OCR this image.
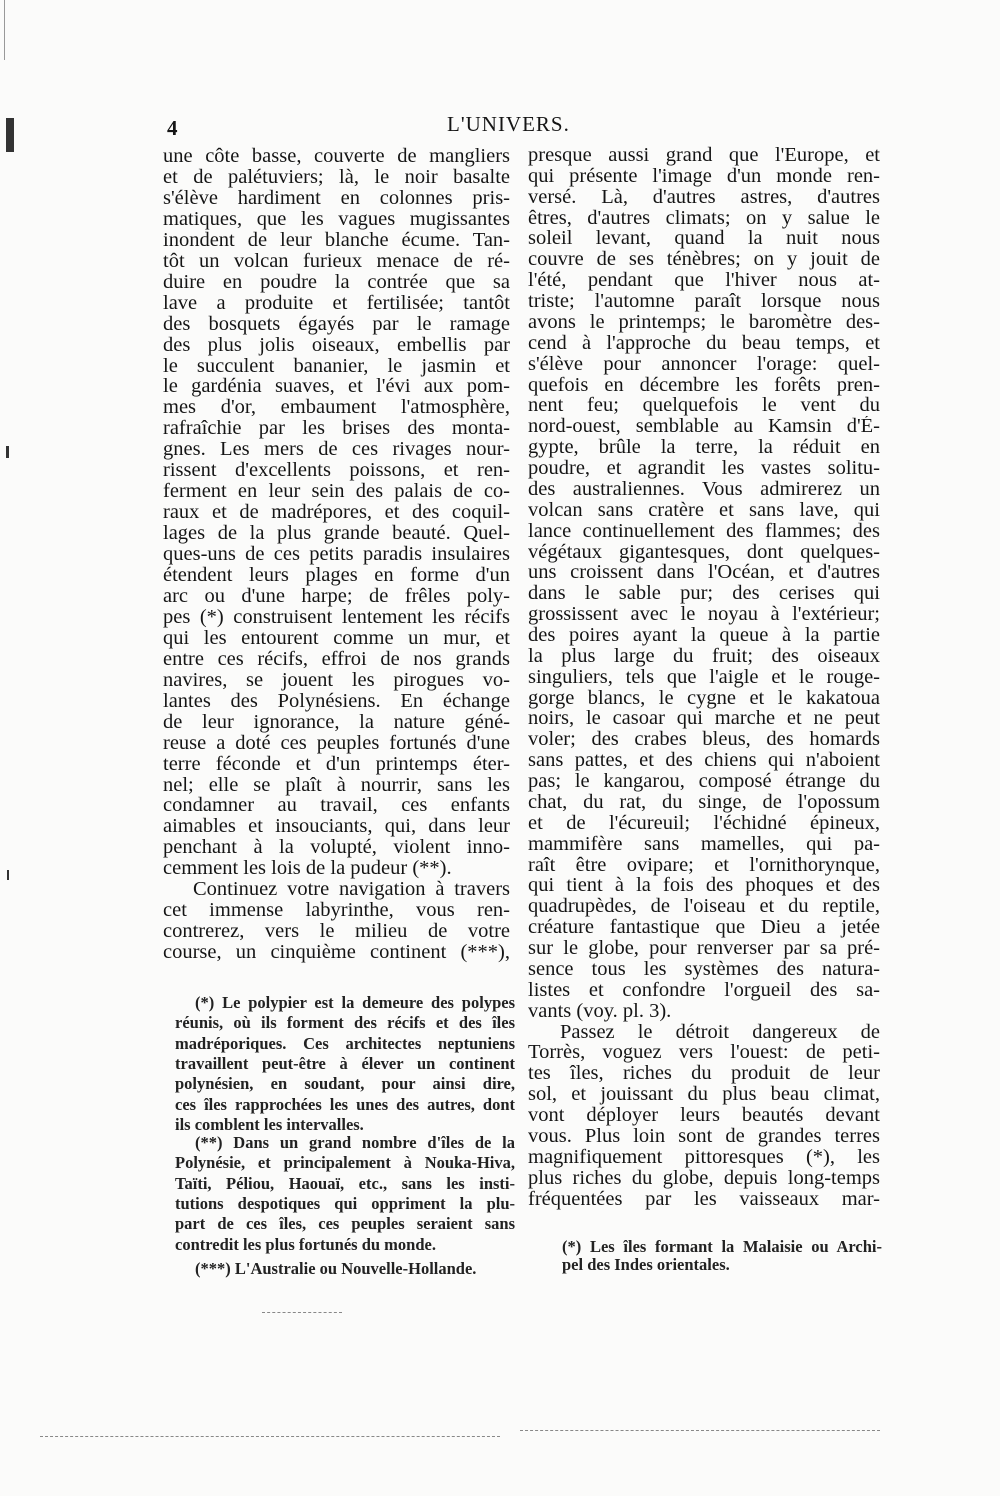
4	L'UNIVERS.
une côte basse, couverte de mangliers
et de palétuviers; là, le noir basalte
s'élève hardiment en colonnes pris-
matiques, que les vagues mugissantes
inondent de leur blanche écume. Tan-
tôt un volcan furieux menace de ré-
duire en poudre la contrée que sa
lave a produite et fertilisée; tantôt
des bosquets égayés par le ramage
des plus jolis oiseaux, embellis par
le succulent bananier, le jasmin et
le gardénia suaves, et l'évi aux pom-
mes d'or, embaument l'atmosphère,
rafraîchie par les brises des monta-
gnes. Les mers de ces rivages nour-
rissent d'excellents poissons, et ren-
ferment en leur sein des palais de co-
raux et de madrépores, et des coquil-
lages de la plus grande beauté. Quel-
ques-uns de ces petits paradis insulaires
étendent leurs plages en forme d'un
arc ou d'une harpe; de frêles poly-
pes (*) construisent lentement les récifs
qui les entourent comme un mur, et
entre ces récifs, effroi de nos grands
navires, se jouent les pirogues vo-
lantes des Polynésiens. En échange
de leur ignorance, la nature géné-
reuse a doté ces peuples fortunés d'une
terre féconde et d'un printemps éter-
nel; elle se plaît à nourrir, sans les
condamner au travail, ces enfants
aimables et insouciants, qui, dans leur
penchant à la volupté, violent inno-
cemment les lois de la pudeur (**).
Continuez votre navigation à travers
cet immense labyrinthe, vous ren-
contrerez, vers le milieu de votre
course, un cinquième continent (***),
presque aussi grand que l'Europe, et
qui présente l'image d'un monde ren-
versé. Là, d'autres astres, d'autres
êtres, d'autres climats; on y salue le
soleil levant, quand la nuit nous
couvre de ses ténèbres; on y jouit de
l'été, pendant que l'hiver nous at-
triste; l'automne paraît lorsque nous
avons le printemps; le baromètre des-
cend à l'approche du beau temps, et
s'élève pour annoncer l'orage: quel-
quefois en décembre les forêts pren-
nent feu; quelquefois le vent du
nord-ouest, semblable au Kamsin d'É-
gypte, brûle la terre, la réduit en
poudre, et agrandit les vastes solitu-
des australiennes. Vous admirerez un
volcan sans cratère et sans lave, qui
lance continuellement des flammes; des
végétaux gigantesques, dont quelques-
uns croissent dans l'Océan, et d'autres
dans le sable pur; des cerises qui
grossissent avec le noyau à l'extérieur;
des poires ayant la queue à la partie
la plus large du fruit; des oiseaux
singuliers, tels que l'aigle et le rouge-
gorge blancs, le cygne et le kakatoua
noirs, le casoar qui marche et ne peut
voler; des crabes bleus, des homards
sans pattes, et des chiens qui n'aboient
pas; le kangarou, composé étrange du
chat, du rat, du singe, de l'opossum
et de l'écureuil; l'échidné épineux,
mammifère sans mamelles, qui pa-
raît être ovipare; et l'ornithorynque,
qui tient à la fois des phoques et des
quadrupèdes, de l'oiseau et du reptile,
créature fantastique que Dieu a jetée
sur le globe, pour renverser par sa pré-
sence tous les systèmes des natura-
listes et confondre l'orgueil des sa-
vants (voy. pl. 3).
Passez le détroit dangereux de
Torrès, voguez vers l'ouest: de peti-
tes îles, riches du produit de leur
sol, et jouissant du plus beau climat,
vont déployer leurs beautés devant
vous. Plus loin sont de grandes terres
magnifiquement pittoresques (*), les
plus riches du globe, depuis long-temps
fréquentées par les vaisseaux mar-
(*) Le polypier est la demeure des polypes
réunis, où ils forment des récifs et des îles
madréporiques. Ces architectes neptuniens
travaillent peut-être à élever un continent
polynésien, en soudant, pour ainsi dire,
ces îles rapprochées les unes des autres, dont
ils comblent les intervalles.
(**) Dans un grand nombre d'îles de la
Polynésie, et principalement à Nouka-Hiva,
Taïti, Péliou, Haouaï, etc., sans les insti-
tutions despotiques qui oppriment la plu-
part de ces îles, ces peuples seraient sans
contredit les plus fortunés du monde.
(***) L'Australie ou Nouvelle-Hollande.
(*) Les îles formant la Malaisie ou Archi-
pel des Indes orientales.
